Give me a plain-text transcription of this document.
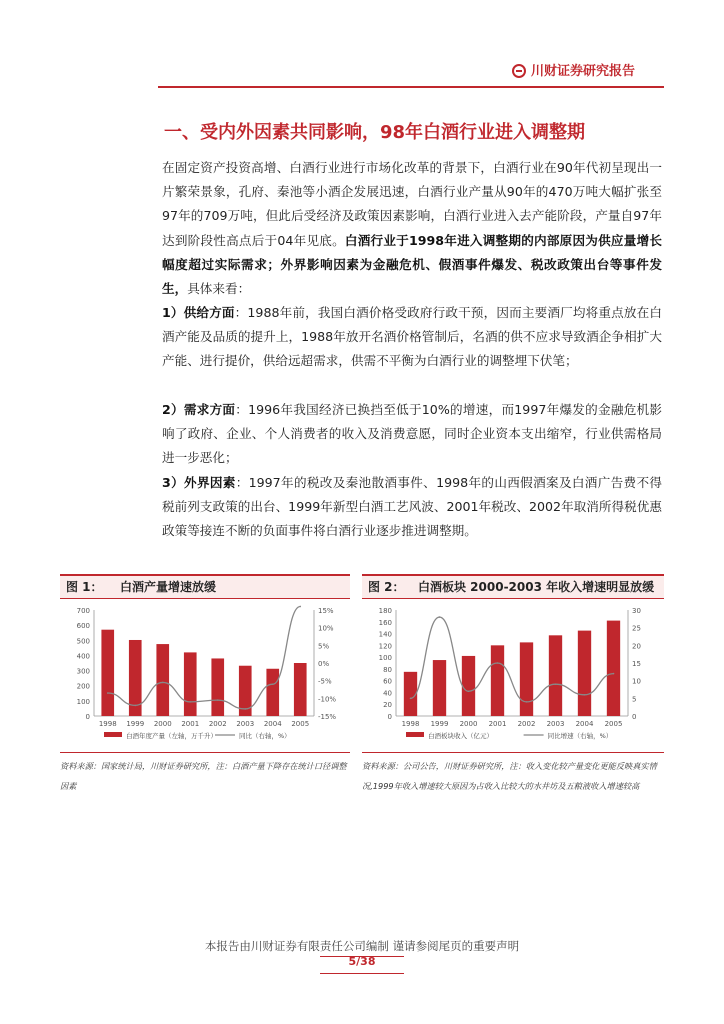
川财证券研究报告
一、受内外因素共同影响，98年白酒行业进入调整期
在固定资产投资高增、白酒行业进行市场化改革的背景下，白酒行业在90年代初呈现出一片繁荣景象，孔府、秦池等小酒企发展迅速，白酒行业产量从90年的470万吨大幅扩张至97年的709万吨，但此后受经济及政策因素影响，白酒行业进入去产能阶段，产量自97年达到阶段性高点后于04年见底。白酒行业于1998年进入调整期的内部原因为供应量增长幅度超过实际需求；外界影响因素为金融危机、假酒事件爆发、税改政策出台等事件发生，具体来看：
1）供给方面：1988年前，我国白酒价格受政府行政干预，因而主要酒厂均将重点放在白酒产能及品质的提升上，1988年放开名酒价格管制后，名酒的供不应求导致酒企争相扩大产能、进行提价，供给远超需求，供需不平衡为白酒行业的调整埋下伏笔；
2）需求方面：1996年我国经济已换挡至低于10%的增速，而1997年爆发的金融危机影响了政府、企业、个人消费者的收入及消费意愿，同时企业资本支出缩窄，行业供需格局进一步恶化；
3）外界因素：1997年的税改及秦池散酒事件、1998年的山西假酒案及白酒广告费不得税前列支政策的出台、1999年新型白酒工艺风波、2001年税改、2002年取消所得税优惠政策等接连不断的负面事件将白酒行业逐步推进调整期。
图 1： 白酒产量增速放缓
0
100
200
300
400
500
600
700	15%
10%
5%
0%
-5%
-10%
-15%
1998 1999 2000 2001 2002 2003 2004 2005
白酒年度产量（左轴，万千升）	同比（右轴，%）
资料来源：国家统计局，川财证券研究所，注：白酒产量下降存在统计口径调整因素
图 2： 白酒板块 2000-2003 年收入增速明显放缓
0
20
40
60
80
100
120
140
160
180
0
5
10
15
20
25
30
1998 1999 2000 2001 2002 2003 2004 2005
白酒板块收入（亿元）	同比增速（右轴，%）
资料来源：公司公告，川财证券研究所，注：收入变化较产量变化更能反映真实情况,1999年收入增速较大原因为占收入比较大的水井坊及五粮液收入增速较高
本报告由川财证券有限责任公司编制 谨请参阅尾页的重要声明
5/38
